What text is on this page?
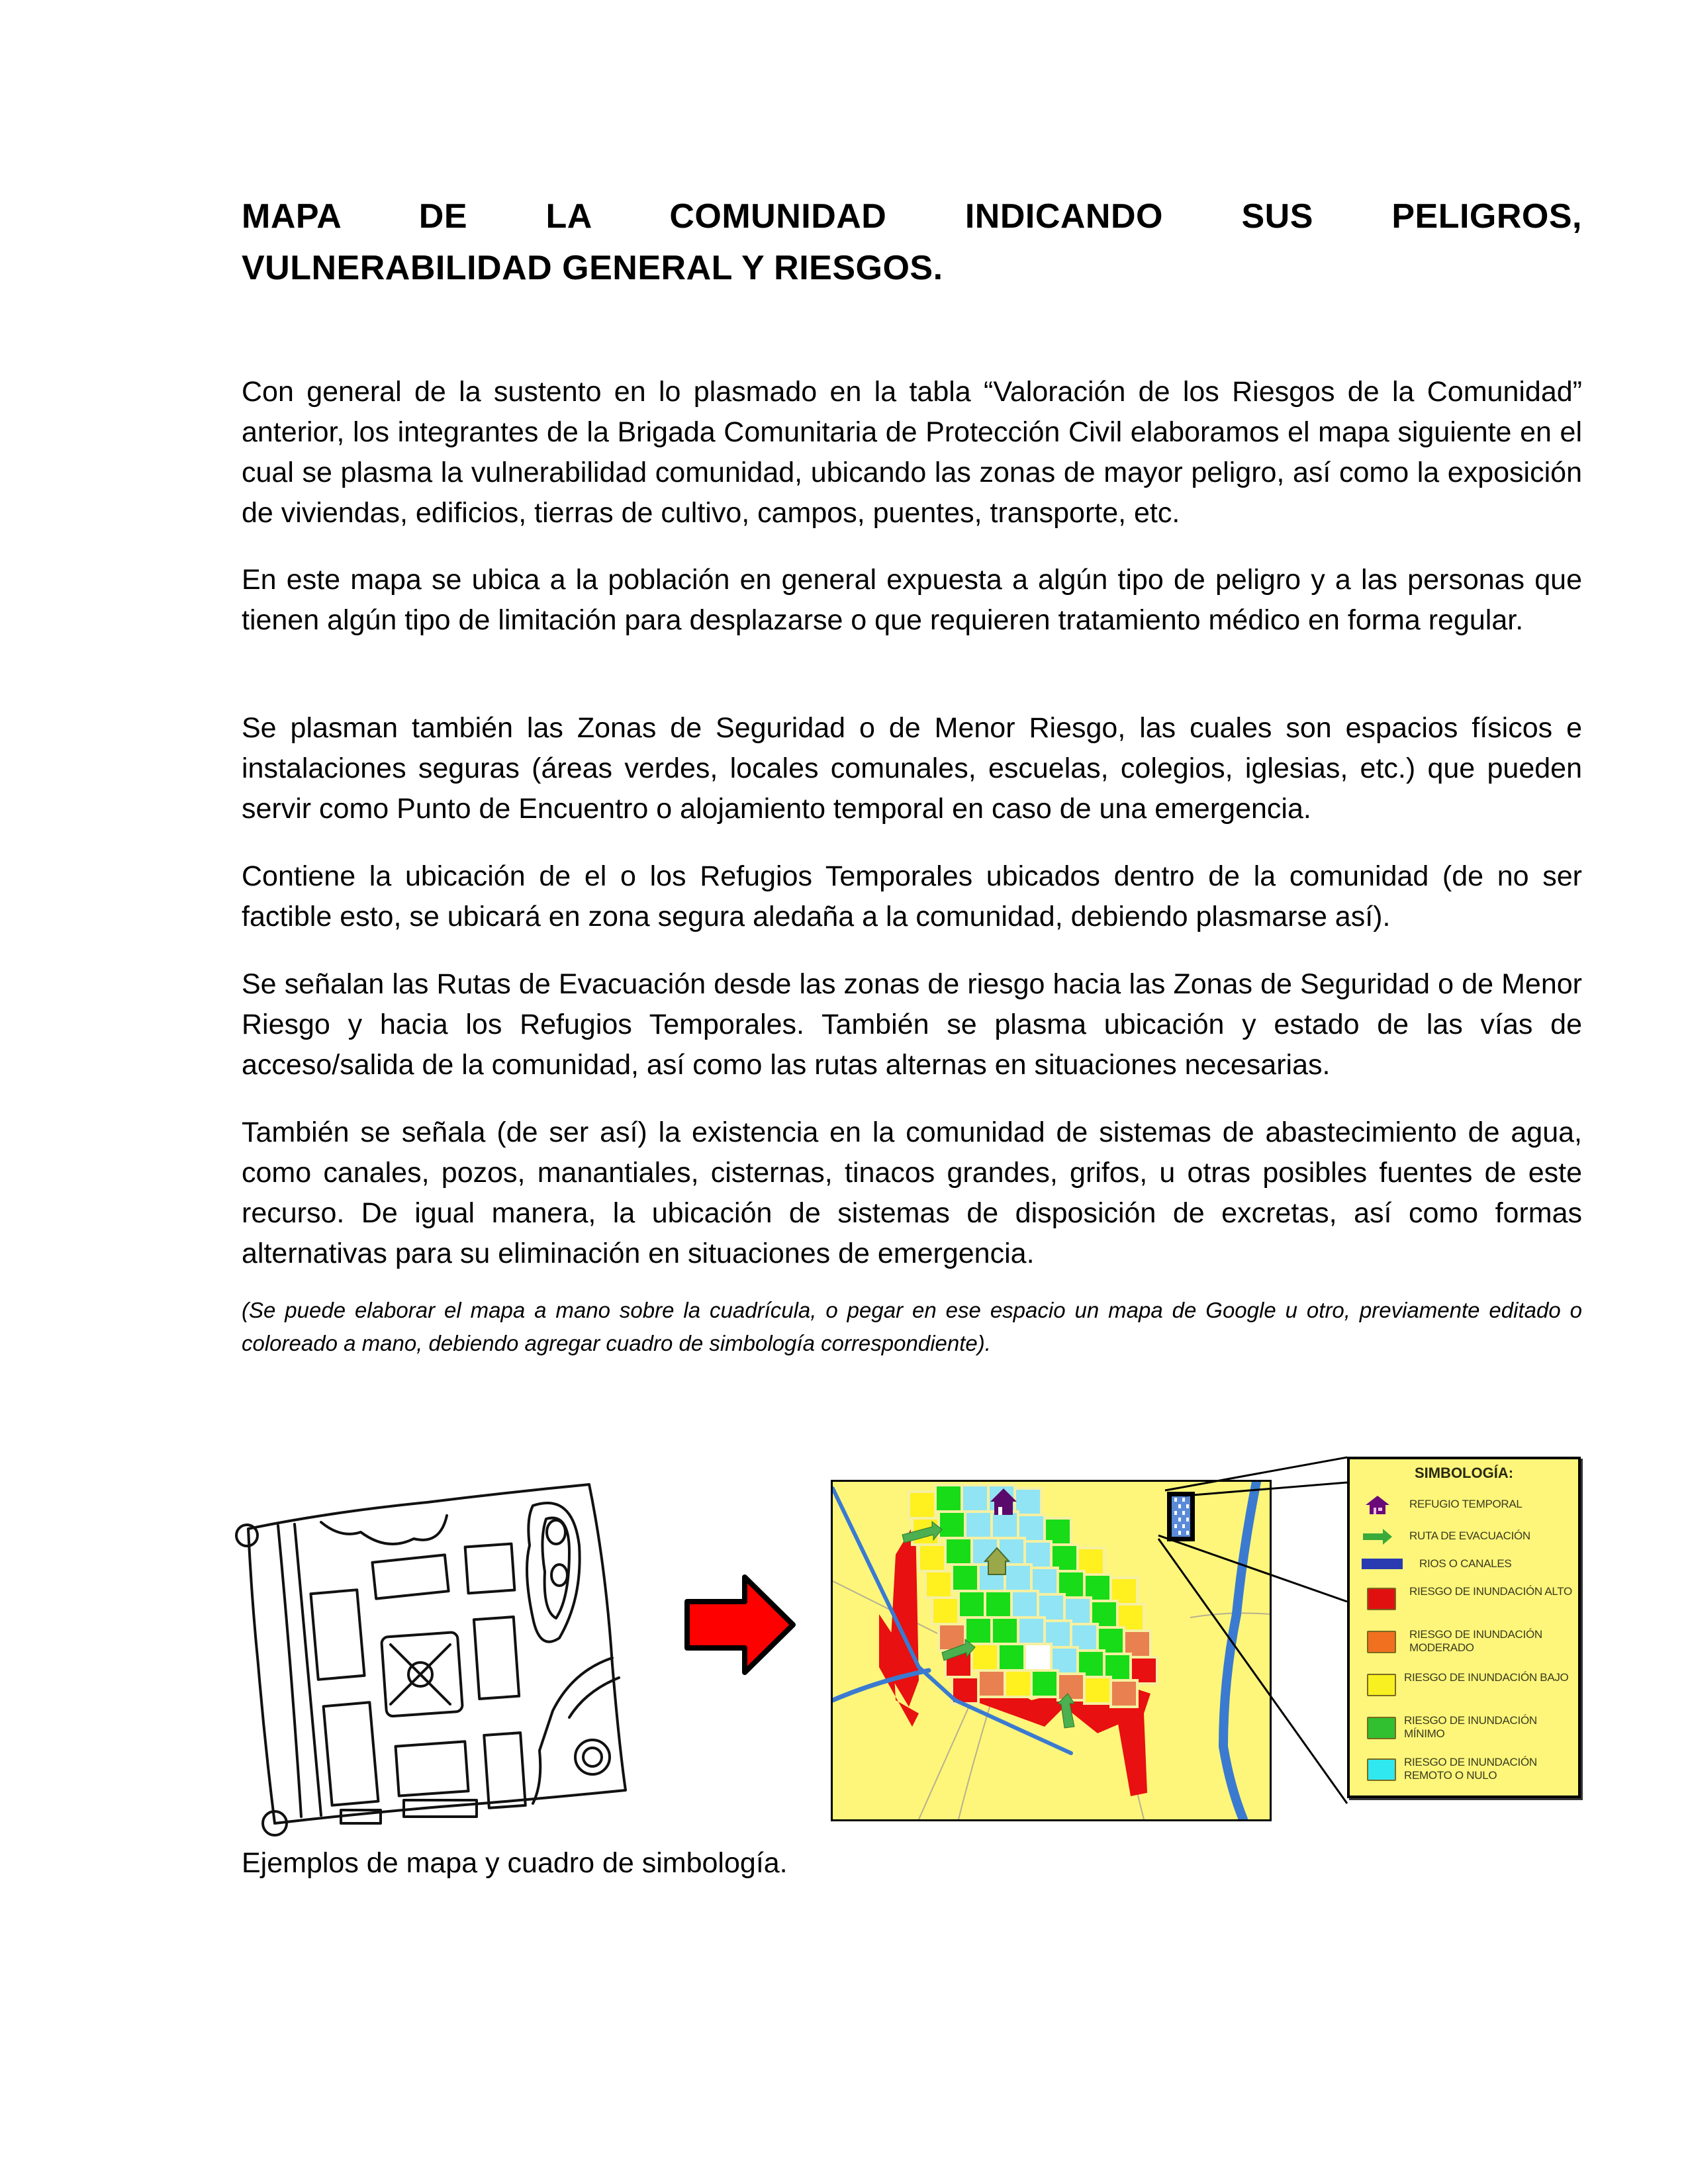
MAPA DE LA COMUNIDAD INDICANDO SUS PELIGROS,
VULNERABILIDAD GENERAL Y RIESGOS.

Con general de la sustento en lo plasmado en la tabla “Valoración de los Riesgos de la Comunidad” anterior, los integrantes de la Brigada Comunitaria de Protección Civil elaboramos el mapa siguiente en el cual se plasma la vulnerabilidad comunidad, ubicando las zonas de mayor peligro, así como la exposición de viviendas, edificios, tierras de cultivo, campos, puentes, transporte, etc.

En este mapa se ubica a la población en general expuesta a algún tipo de peligro y a las personas que tienen algún tipo de limitación para desplazarse o que requieren tratamiento médico en forma regular.

Se plasman también las Zonas de Seguridad o de Menor Riesgo, las cuales son espacios físicos e instalaciones seguras (áreas verdes, locales comunales, escuelas, colegios, iglesias, etc.) que pueden servir como Punto de Encuentro o alojamiento temporal en caso de una emergencia.

Contiene la ubicación de el o los Refugios Temporales ubicados dentro de la comunidad (de no ser factible esto, se ubicará en zona segura aledaña a la comunidad, debiendo plasmarse así).

Se señalan las Rutas de Evacuación desde las zonas de riesgo hacia las Zonas de Seguridad o de Menor Riesgo y hacia los Refugios Temporales. También se plasma ubicación y estado de las vías de acceso/salida de la comunidad, así como las rutas alternas en situaciones necesarias.

También se señala (de ser así) la existencia en la comunidad de sistemas de abastecimiento de agua, como canales, pozos, manantiales, cisternas, tinacos grandes, grifos, u otras posibles fuentes de este recurso. De igual manera, la ubicación de sistemas de disposición de excretas, así como formas alternativas para su eliminación en situaciones de emergencia.

(Se puede elaborar el mapa a mano sobre la cuadrícula, o pegar en ese espacio un mapa de Google u otro, previamente editado o coloreado a mano, debiendo agregar cuadro de simbología correspondiente).

SIMBOLOGÍA:
REFUGIO TEMPORAL
RUTA DE EVACUACIÓN
RIOS O CANALES
RIESGO DE INUNDACIÓN ALTO
RIESGO DE INUNDACIÓN MODERADO
RIESGO DE INUNDACIÓN BAJO
RIESGO DE INUNDACIÓN MÍNIMO
RIESGO DE INUNDACIÓN REMOTO O NULO
Ejemplos de mapa y cuadro de simbología.
